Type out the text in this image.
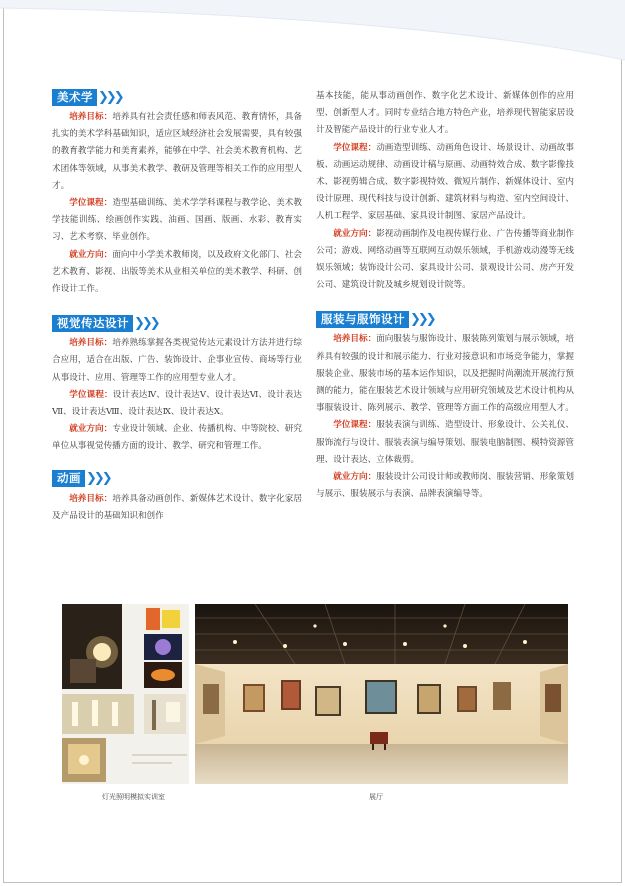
美术学 ❯❯❯

培养目标：培养具有社会责任感和师表风范、教育情怀，具备扎实的美术学科基础知识，适应区域经济社会发展需要，具有较强的教育教学能力和美育素养，能够在中学、社会美术教育机构、艺术团体等领域，从事美术教学、教研及管理等相关工作的应用型人才。

学位课程：造型基础训练、美术学学科课程与教学论、美术教学技能训练、绘画创作实践、油画、国画、版画、水彩、教育实习、艺术考察、毕业创作。

就业方向：面向中小学美术教师岗，以及政府文化部门、社会艺术教育、影视、出版等美术从业相关单位的美术教学、科研、创作设计工作。

视觉传达设计 ❯❯❯

培养目标：培养熟练掌握各类视觉传达元素设计方法并进行综合应用，适合在出版、广告、装饰设计、企事业宣传、商场等行业从事设计、应用、管理等工作的应用型专业人才。

学位课程：设计表达Ⅳ、设计表达Ⅴ、设计表达Ⅵ、设计表达Ⅶ、设计表达Ⅷ、设计表达Ⅸ、设计表达Ⅹ。

就业方向：专业设计领域、企业、传播机构、中等院校、研究单位从事视觉传播方面的设计、教学、研究和管理工作。

动画 ❯❯❯

培养目标：培养具备动画创作、新媒体艺术设计、数字化家居及产品设计的基础知识和创作

基本技能，能从事动画创作、数字化艺术设计、新媒体创作的应用型、创新型人才。同时专业结合地方特色产业，培养现代智能家居设计及智能产品设计的行业专业人才。

学位课程：动画造型训练、动画角色设计、场景设计、动画故事板、动画运动规律、动画设计稿与原画、动画特效合成、数字影像技术、影视剪辑合成、数字影视特效、微短片制作、新媒体设计、室内设计原理、现代科技与设计创新、建筑材料与构造、室内空间设计、人机工程学、家居基础、家具设计制图、家居产品设计。

就业方向：影视动画制作及电视传媒行业、广告传播等商业制作公司；游戏、网络动画等互联网互动娱乐领域，手机游戏动漫等无线娱乐领域；装饰设计公司、家具设计公司、景观设计公司、房产开发公司、建筑设计院及城乡规划设计院等。

服装与服饰设计 ❯❯❯

培养目标：面向服装与服饰设计、服装陈列策划与展示领域，培养具有较强的设计和展示能力、行业对接意识和市场竞争能力，掌握服装企业、服装市场的基本运作知识，以及把握时尚潮流开展流行预测的能力，能在服装艺术设计领域与应用研究领域及艺术设计机构从事服装设计、陈列展示、教学、管理等方面工作的高级应用型人才。

学位课程：服装表演与训练、造型设计、形象设计、公关礼仪、服饰流行与设计、服装表演与编导策划、服装电脑制图、模特资源管理、设计表达、立体裁剪。

就业方向：服装设计公司设计师或教师岗、服装营销、形象策划与展示、服装展示与表演、品牌表演编导等。

灯光照明模拟实训室	展厅
